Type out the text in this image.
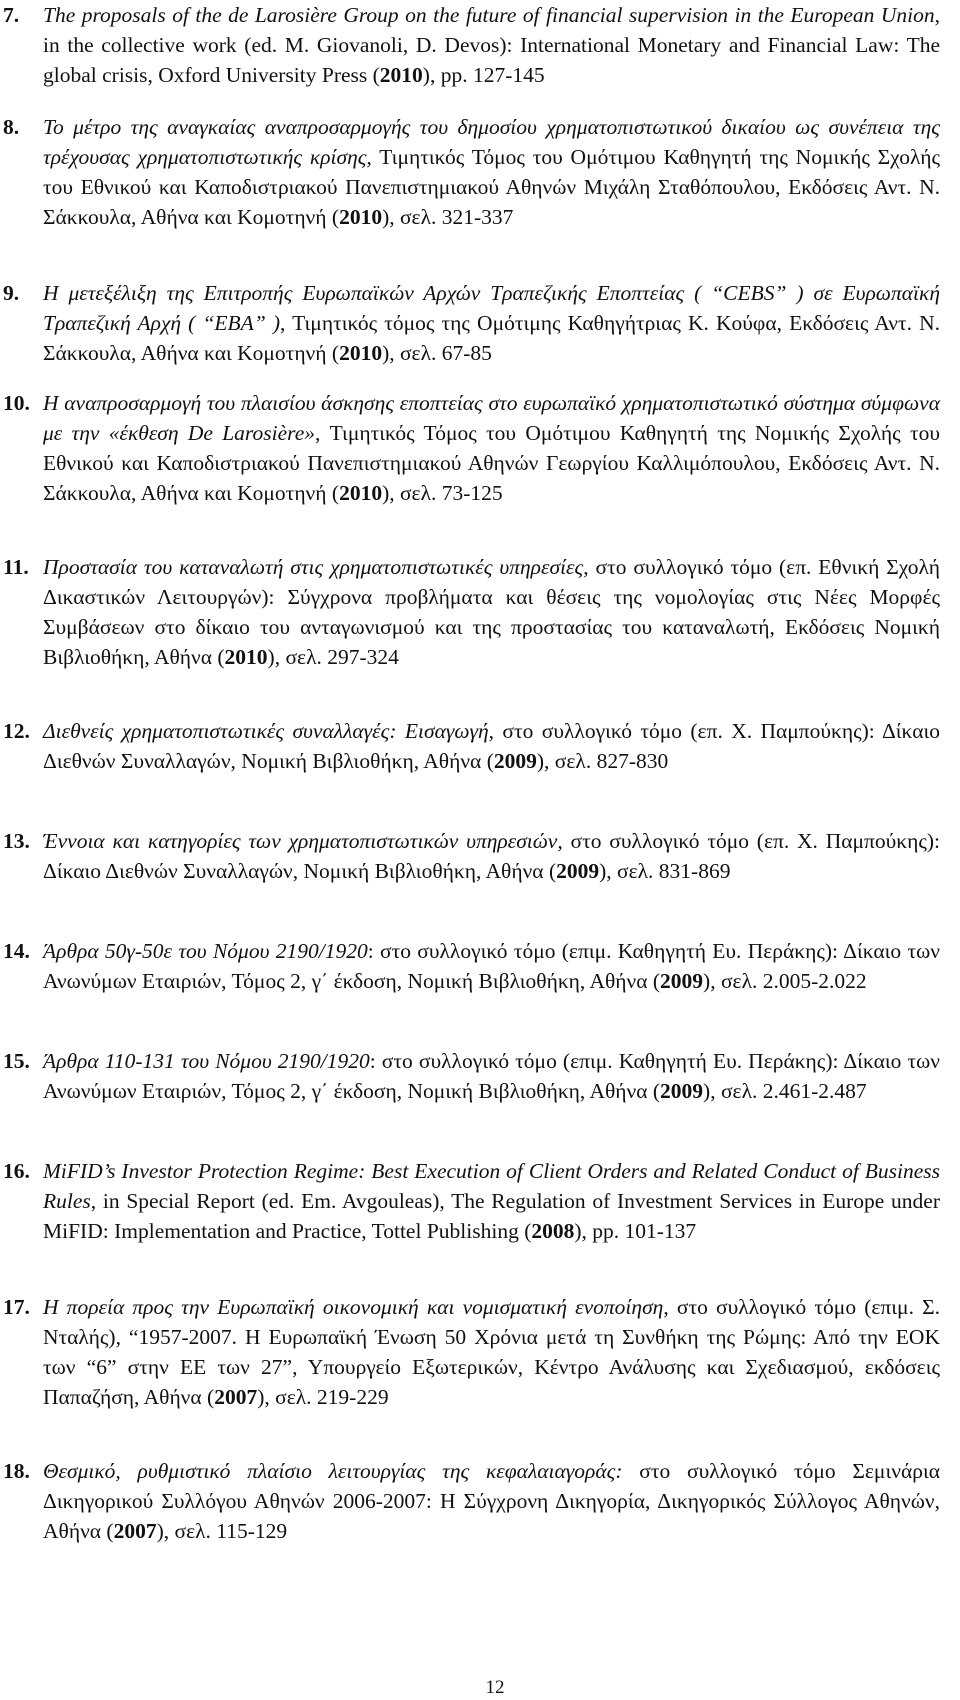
7. The proposals of the de Larosière Group on the future of financial supervision in the European Union, in the collective work (ed. M. Giovanoli, D. Devos): International Monetary and Financial Law: The global crisis, Oxford University Press (2010), pp. 127-145
8. Το μέτρο της αναγκαίας αναπροσαρμογής του δημοσίου χρηματοπιστωτικού δικαίου ως συνέπεια της τρέχουσας χρηματοπιστωτικής κρίσης, Τιμητικός Τόμος του Ομότιμου Καθηγητή της Νομικής Σχολής του Εθνικού και Καποδιστριακού Πανεπιστημιακού Αθηνών Μιχάλη Σταθόπουλου, Εκδόσεις Αντ. Ν. Σάκκουλα, Αθήνα και Κομοτηνή (2010), σελ. 321-337
9. Η μετεξέλιξη της Επιτροπής Ευρωπαϊκών Αρχών Τραπεζικής Εποπτείας ( “CEBS” ) σε Ευρωπαϊκή Τραπεζική Αρχή ( “EBA” ), Τιμητικός τόμος της Ομότιμης Καθηγήτριας Κ. Κούφα, Εκδόσεις Αντ. Ν. Σάκκουλα, Αθήνα και Κομοτηνή (2010), σελ. 67-85
10. Η αναπροσαρμογή του πλαισίου άσκησης εποπτείας στο ευρωπαϊκό χρηματοπιστωτικό σύστημα σύμφωνα με την «έκθεση De Larosière», Τιμητικός Τόμος του Ομότιμου Καθηγητή της Νομικής Σχολής του Εθνικού και Καποδιστριακού Πανεπιστημιακού Αθηνών Γεωργίου Καλλιμόπουλου, Εκδόσεις Αντ. Ν. Σάκκουλα, Αθήνα και Κομοτηνή (2010), σελ. 73-125
11. Προστασία του καταναλωτή στις χρηματοπιστωτικές υπηρεσίες, στο συλλογικό τόμο (επ. Εθνική Σχολή Δικαστικών Λειτουργών): Σύγχρονα προβλήματα και θέσεις της νομολογίας στις Νέες Μορφές Συμβάσεων στο δίκαιο του ανταγωνισμού και της προστασίας του καταναλωτή, Εκδόσεις Νομική Βιβλιοθήκη, Αθήνα (2010), σελ. 297-324
12. Διεθνείς χρηματοπιστωτικές συναλλαγές: Εισαγωγή, στο συλλογικό τόμο (επ. Χ. Παμπούκης): Δίκαιο Διεθνών Συναλλαγών, Νομική Βιβλιοθήκη, Αθήνα (2009), σελ. 827-830
13. Έννοια και κατηγορίες των χρηματοπιστωτικών υπηρεσιών, στο συλλογικό τόμο (επ. Χ. Παμπούκης): Δίκαιο Διεθνών Συναλλαγών, Νομική Βιβλιοθήκη, Αθήνα (2009), σελ. 831-869
14. Άρθρα 50γ-50ε του Νόμου 2190/1920: στο συλλογικό τόμο (επιμ. Καθηγητή Ευ. Περάκης): Δίκαιο των Ανωνύμων Εταιριών, Τόμος 2, γ΄ έκδοση, Νομική Βιβλιοθήκη, Αθήνα (2009), σελ. 2.005-2.022
15. Άρθρα 110-131 του Νόμου 2190/1920: στο συλλογικό τόμο (επιμ. Καθηγητή Ευ. Περάκης): Δίκαιο των Ανωνύμων Εταιριών, Τόμος 2, γ΄ έκδοση, Νομική Βιβλιοθήκη, Αθήνα (2009), σελ. 2.461-2.487
16. MiFID’s Investor Protection Regime: Best Execution of Client Orders and Related Conduct of Business Rules, in Special Report (ed. Em. Avgouleas), The Regulation of Investment Services in Europe under MiFID: Implementation and Practice, Tottel Publishing (2008), pp. 101-137
17. Η πορεία προς την Ευρωπαϊκή οικονομική και νομισματική ενοποίηση, στο συλλογικό τόμο (επιμ. Σ. Νταλής), “1957-2007. Η Ευρωπαϊκή Ένωση 50 Χρόνια μετά τη Συνθήκη της Ρώμης: Από την ΕΟΚ των “6” στην ΕΕ των 27”, Υπουργείο Εξωτερικών, Κέντρο Ανάλυσης και Σχεδιασμού, εκδόσεις Παπαζήση, Αθήνα (2007), σελ. 219-229
18. Θεσμικό, ρυθμιστικό πλαίσιο λειτουργίας της κεφαλαιαγοράς: στο συλλογικό τόμο Σεμινάρια Δικηγορικού Συλλόγου Αθηνών 2006-2007: Η Σύγχρονη Δικηγορία, Δικηγορικός Σύλλογος Αθηνών, Αθήνα (2007), σελ. 115-129
12
